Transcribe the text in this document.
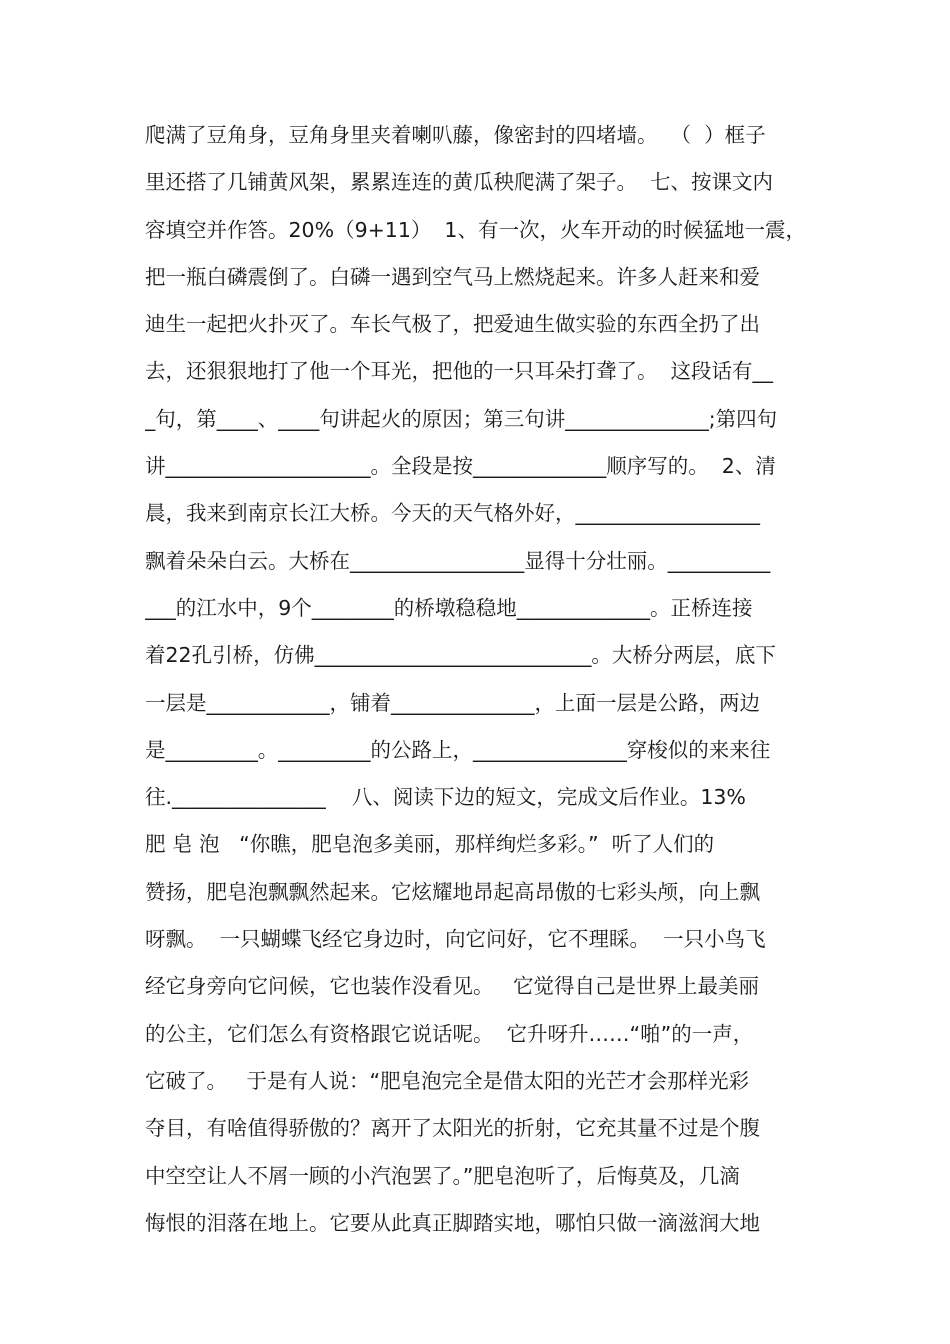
爬满了豆角身，豆角身里夹着喇叭藤，像密封的四堵墙。  （  ）框子
里还搭了几铺黄风架，累累连连的黄瓜秧爬满了架子。  七、按课文内
容填空并作答。20%（9+11）  1、有一次，火车开动的时候猛地一震，
把一瓶白磷震倒了。白磷一遇到空气马上燃烧起来。许多人赶来和爱
迪生一起把火扑灭了。车长气极了，把爱迪生做实验的东西全扔了出
去，还狠狠地打了他一个耳光，把他的一只耳朵打聋了。  这段话有__
_句，第____、____句讲起火的原因；第三句讲______________;第四句
讲____________________。全段是按_____________顺序写的。  2、清
晨，我来到南京长江大桥。今天的天气格外好，__________________
飘着朵朵白云。大桥在_________________显得十分壮丽。__________
___的江水中，9个________的桥墩稳稳地_____________。正桥连接
着22孔引桥，仿佛___________________________。大桥分两层，底下
一层是____________，铺着______________，上面一层是公路，两边
是_________。_________的公路上，_______________穿梭似的来来往
往._______________    八、阅读下边的短文，完成文后作业。13%
肥 皂 泡   “你瞧，肥皂泡多美丽，那样绚烂多彩。”  听了人们的
赞扬，肥皂泡飘飘然起来。它炫耀地昂起高昂傲的七彩头颅，向上飘
呀飘。  一只蝴蝶飞经它身边时，向它问好，它不理睬。  一只小鸟飞
经它身旁向它问候，它也装作没看见。   它觉得自己是世界上最美丽
的公主，它们怎么有资格跟它说话呢。  它升呀升……“啪”的一声，
它破了。   于是有人说：“肥皂泡完全是借太阳的光芒才会那样光彩
夺目，有啥值得骄傲的？离开了太阳光的折射，它充其量不过是个腹
中空空让人不屑一顾的小汽泡罢了。”肥皂泡听了，后悔莫及，几滴
悔恨的泪落在地上。它要从此真正脚踏实地，哪怕只做一滴滋润大地
